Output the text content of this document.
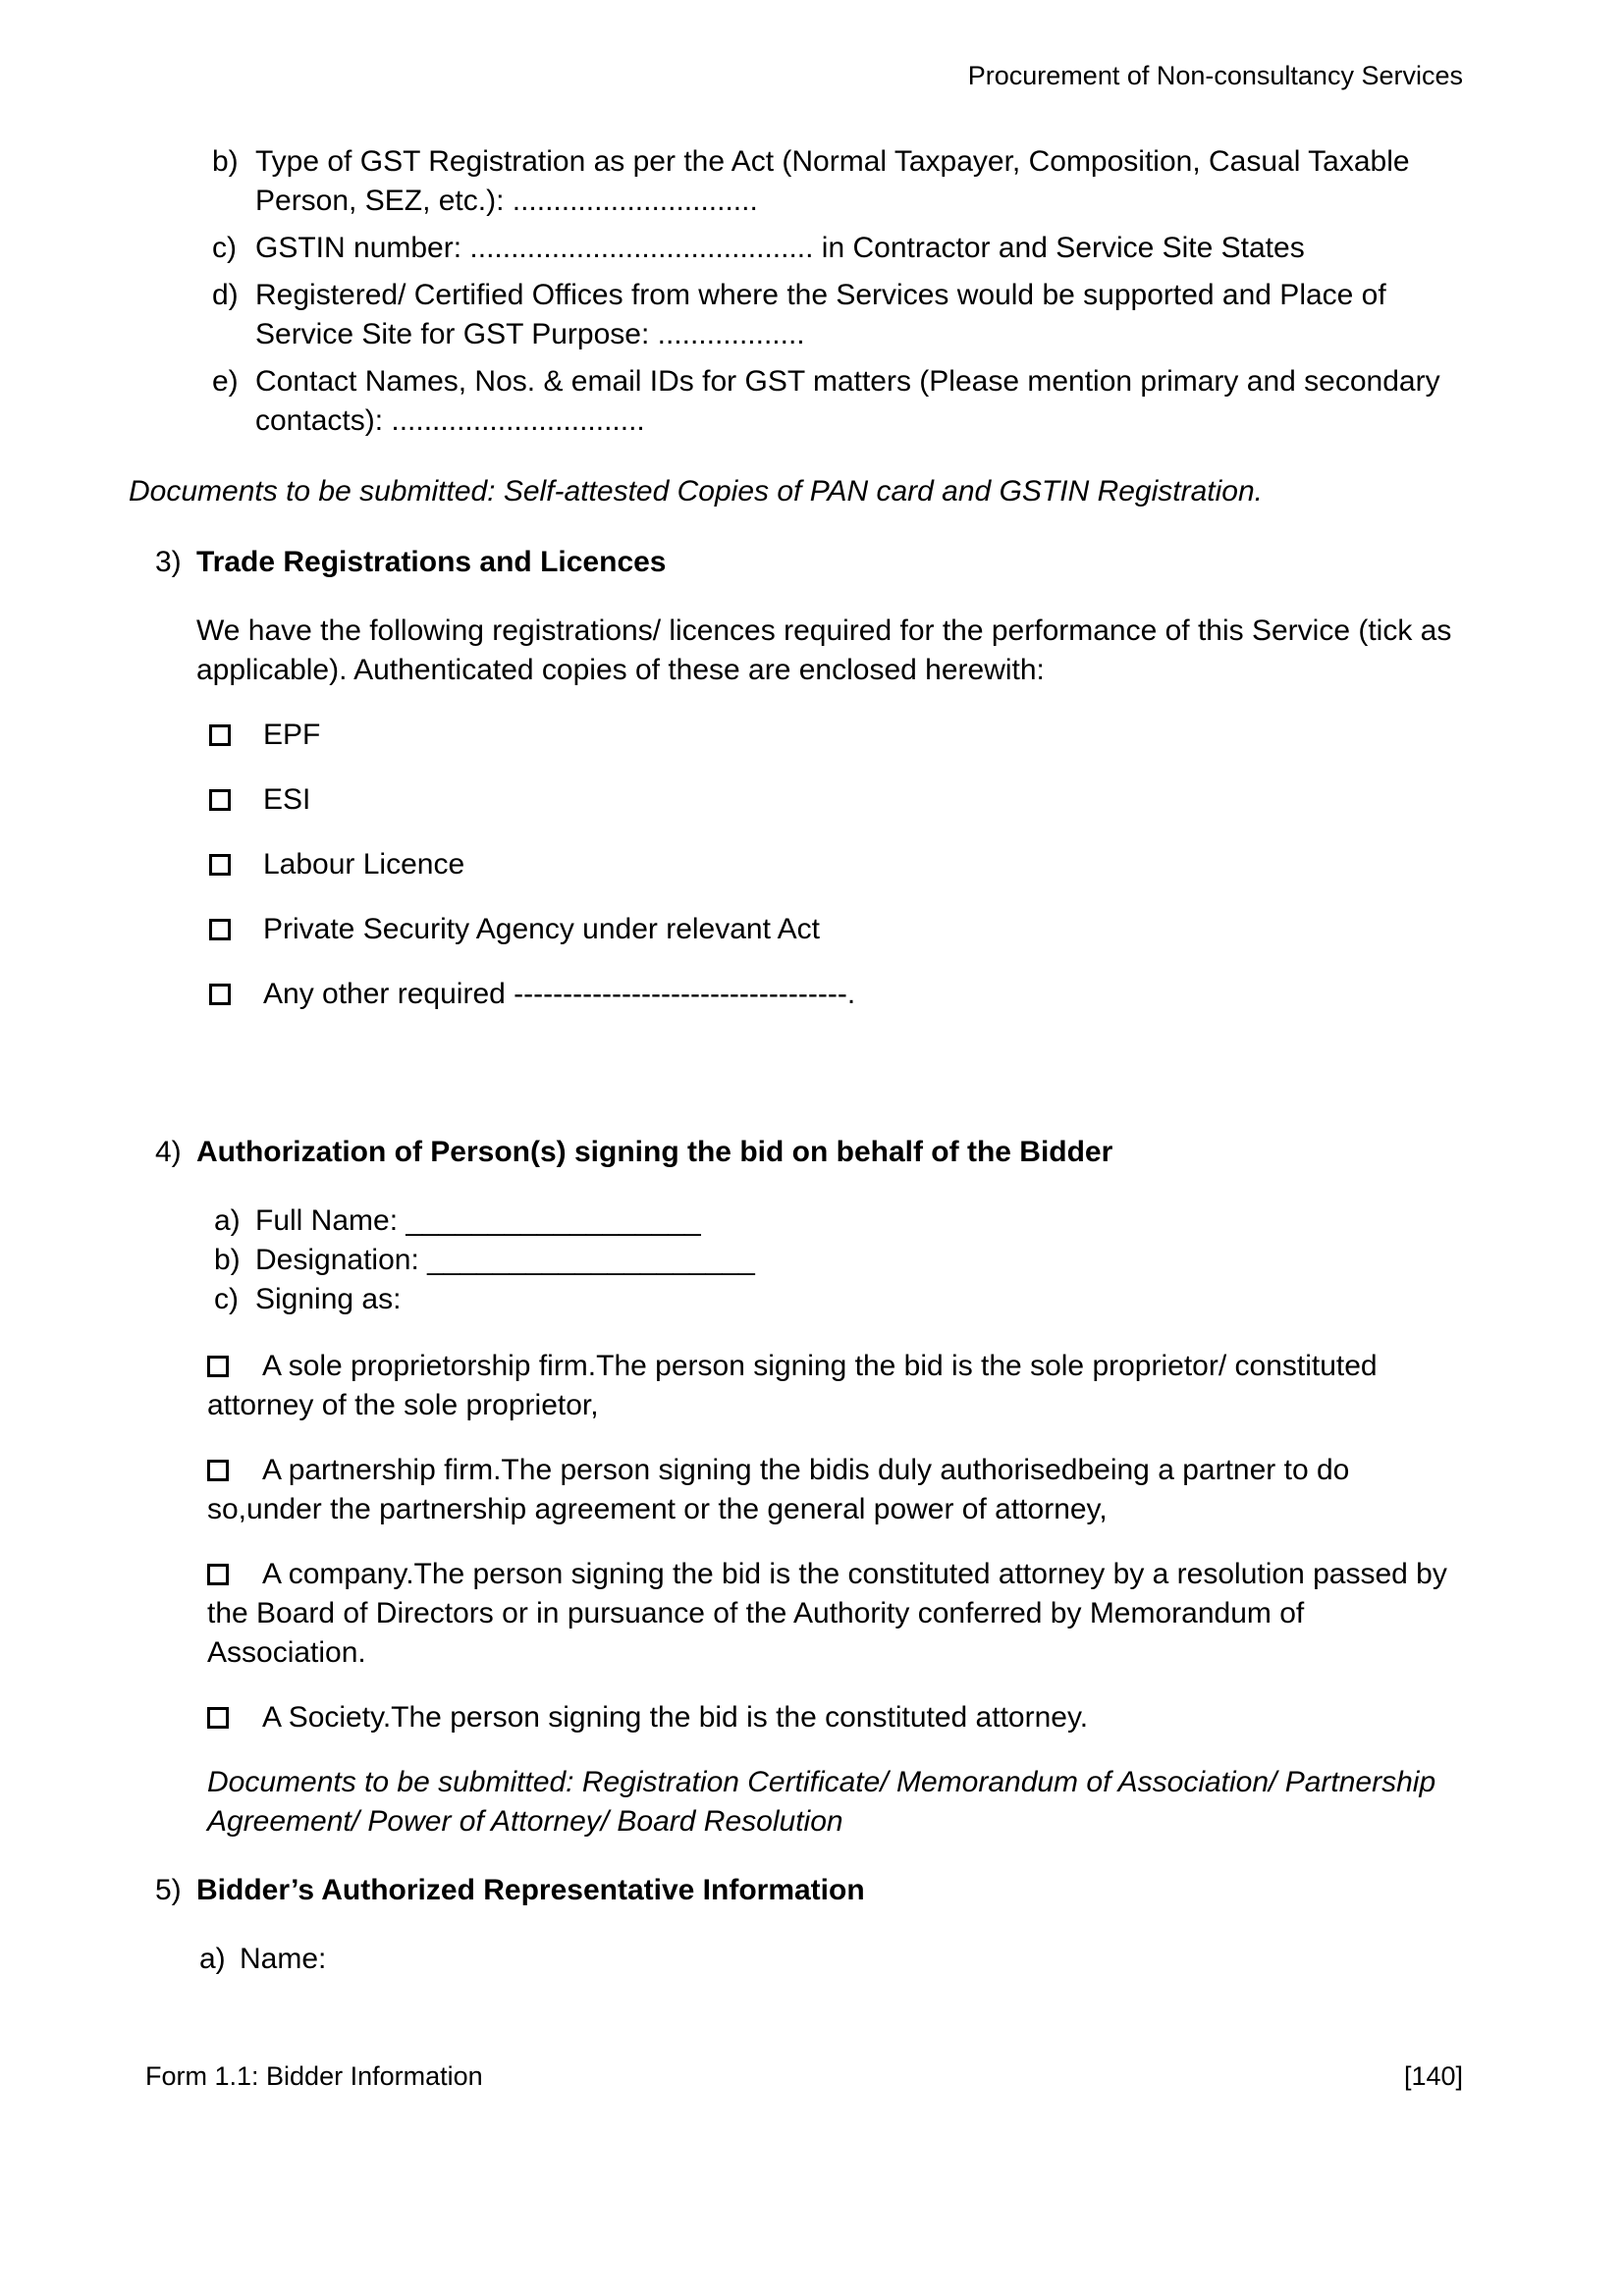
Procurement of Non-consultancy Services
b) Type of GST Registration as per the Act (Normal Taxpayer, Composition, Casual Taxable Person, SEZ, etc.): ..............................
c) GSTIN number: .......................................... in Contractor and Service Site States
d) Registered/ Certified Offices from where the Services would be supported and Place of Service Site for GST Purpose: ..................
e) Contact Names, Nos. & email IDs for GST matters (Please mention primary and secondary contacts): ...............................

Documents to be submitted: Self-attested Copies of PAN card and GSTIN Registration.

3) Trade Registrations and Licences

We have the following registrations/ licences required for the performance of this Service (tick as applicable). Authenticated copies of these are enclosed herewith:

EPF
ESI
Labour Licence
Private Security Agency under relevant Act
Any other required ----------------------------------.
4) Authorization of Person(s) signing the bid on behalf of the Bidder
a) Full Name: __________________
b) Designation: ____________________
c) Signing as:

A sole proprietorship firm.The person signing the bid is the sole proprietor/ constituted attorney of the sole proprietor,

A partnership firm.The person signing the bidis duly authorisedbeing a partner to do so,under the partnership agreement or the general power of attorney,

A company.The person signing the bid is the constituted attorney by a resolution passed by the Board of Directors or in pursuance of the Authority conferred by Memorandum of Association.

A Society.The person signing the bid is the constituted attorney.

Documents to be submitted: Registration Certificate/ Memorandum of Association/ Partnership Agreement/ Power of Attorney/ Board Resolution

5) Bidder’s Authorized Representative Information
a) Name:
Form 1.1: Bidder Information	[140]
